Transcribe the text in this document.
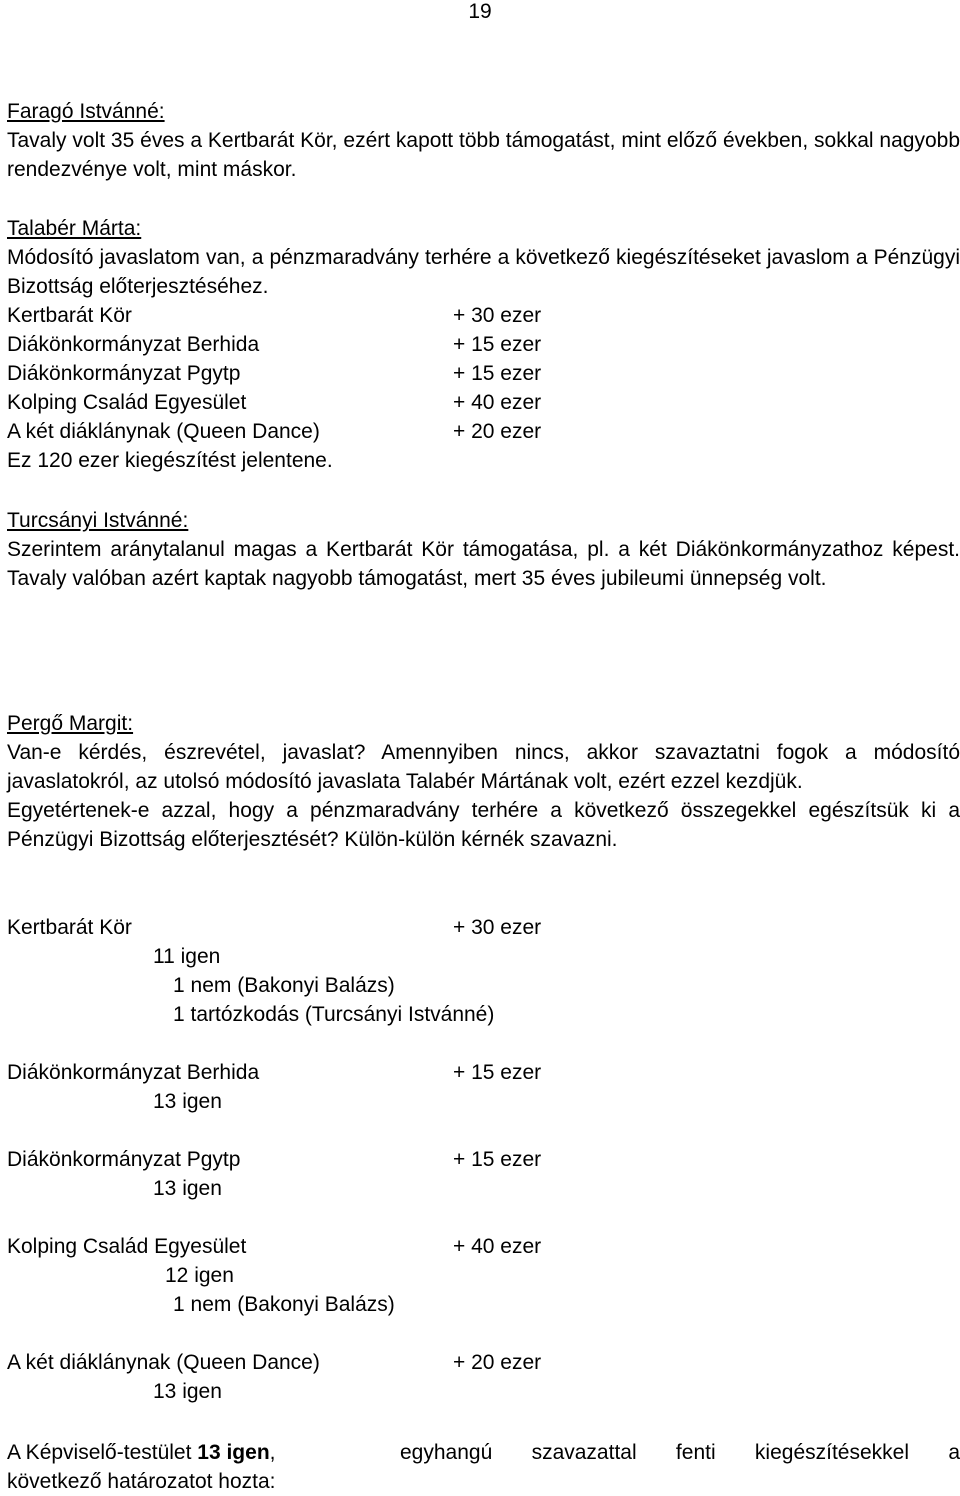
19
Faragó Istvánné:

Tavaly volt 35 éves a Kertbarát Kör, ezért kapott több támogatást, mint előző években, sokkal nagyobb rendezvénye volt, mint máskor.

Talabér Márta:

Módosító javaslatom van, a pénzmaradvány terhére a következő kiegészítéseket javaslom a Pénzügyi Bizottság előterjesztéséhez.

Kertbarát Kör	+ 30 ezer
Diákönkormányzat Berhida	+ 15 ezer
Diákönkormányzat Pgytp	+ 15 ezer
Kolping Család Egyesület	+ 40 ezer
A két diáklánynak (Queen Dance)	+ 20 ezer
Ez 120 ezer kiegészítést jelentene.
Turcsányi Istvánné:

Szerintem aránytalanul magas a Kertbarát Kör támogatása, pl. a két Diákönkormányzathoz képest. Tavaly valóban azért kaptak nagyobb támogatást, mert 35 éves jubileumi ünnepség volt.

Pergő Margit:

Van-e kérdés, észrevétel, javaslat? Amennyiben nincs, akkor szavaztatni fogok a módosító javaslatokról, az utolsó módosító javaslata Talabér Mártának volt, ezért ezzel kezdjük.

Egyetértenek-e azzal, hogy a pénzmaradvány terhére a következő összegekkel egészítsük ki a Pénzügyi Bizottság előterjesztését? Külön-külön kérnék szavazni.

Kertbarát Kör	+ 30 ezer
11 igen
1 nem (Bakonyi Balázs)
1 tartózkodás (Turcsányi Istvánné)
Diákönkormányzat Berhida	+ 15 ezer
13 igen
Diákönkormányzat Pgytp	+ 15 ezer
13 igen
Kolping Család Egyesület	+ 40 ezer
12 igen
1 nem (Bakonyi Balázs)
A két diáklánynak (Queen Dance)	+ 20 ezer
13 igen
A Képviselő-testület 13 igen,	egyhangú szavazattal fenti kiegészítésekkel a
következő határozatot hozta:
